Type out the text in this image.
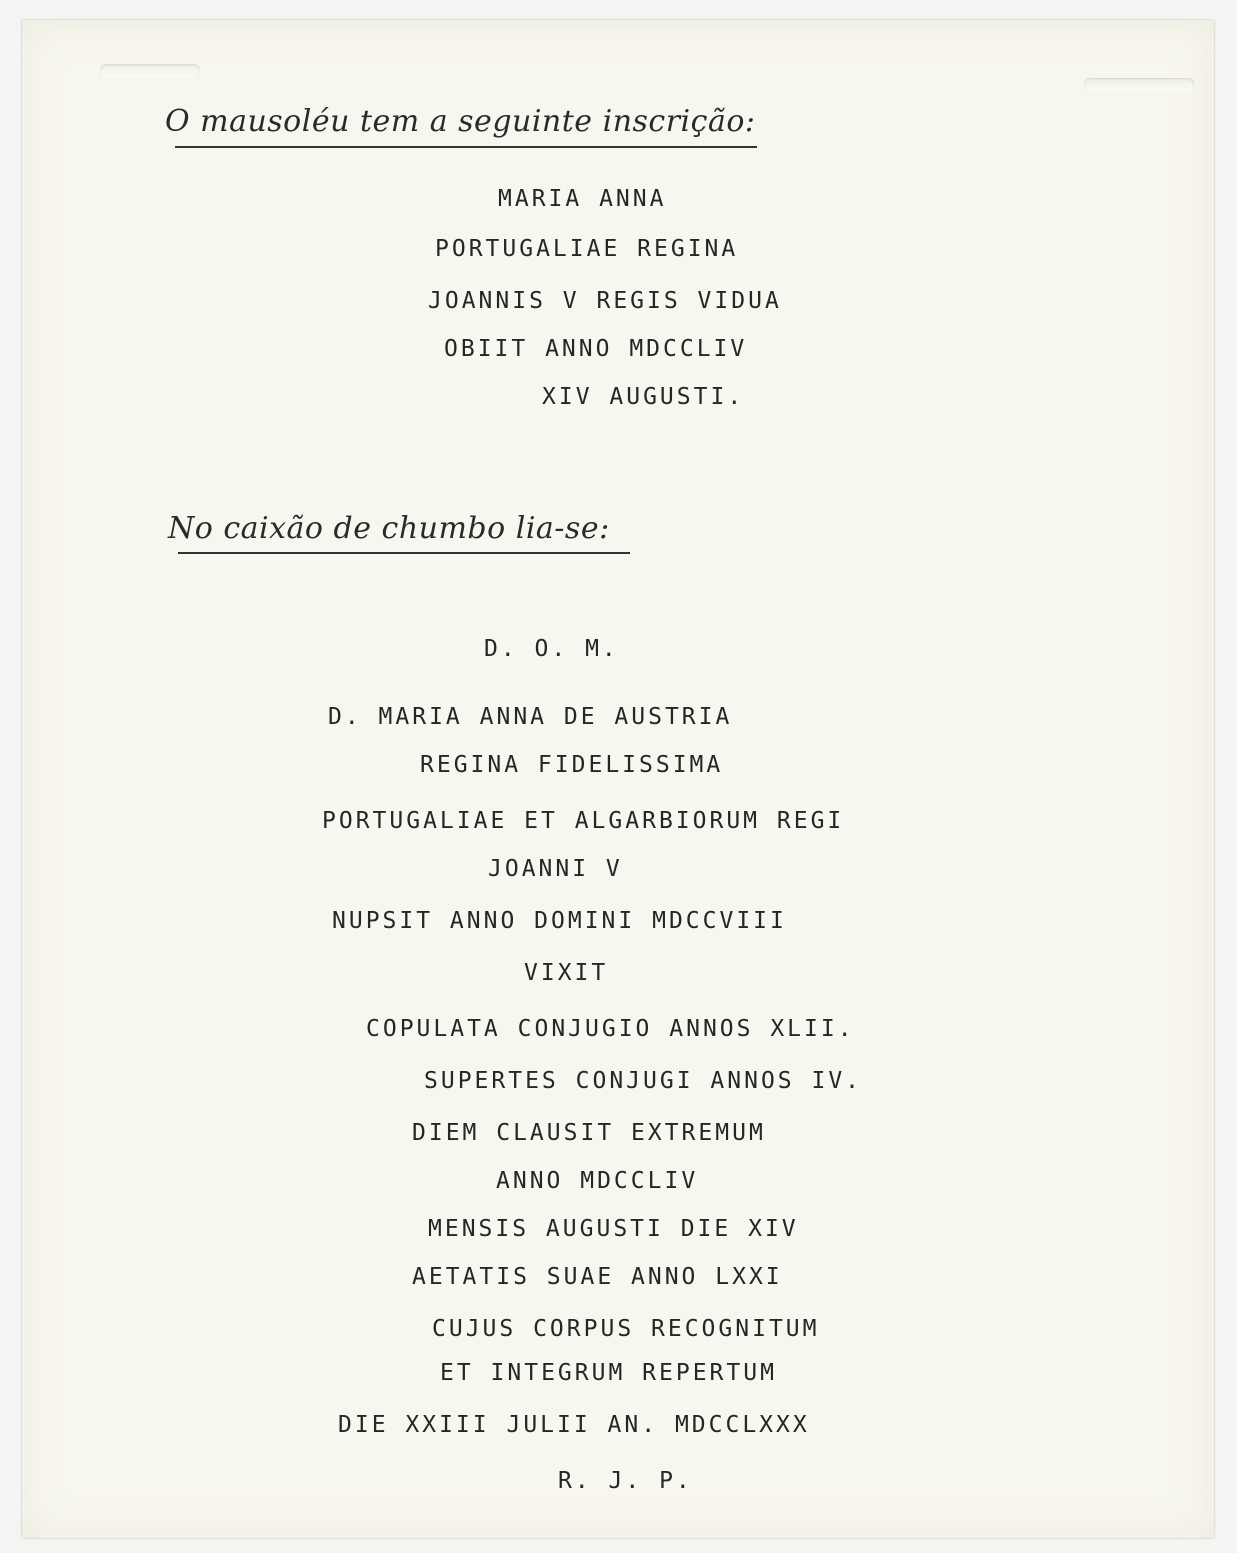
O mausoléu tem a seguinte inscrição:
MARIA ANNA
PORTUGALIAE REGINA
JOANNIS V REGIS VIDUA
OBIIT ANNO MDCCLIV
XIV AUGUSTI.
No caixão de chumbo lia-se:
D. O. M.
D. MARIA ANNA DE AUSTRIA
REGINA FIDELISSIMA
PORTUGALIAE ET ALGARBIORUM REGI
JOANNI V
NUPSIT ANNO DOMINI MDCCVIII
VIXIT
COPULATA CONJUGIO ANNOS XLII.
SUPERTES CONJUGI ANNOS IV.
DIEM CLAUSIT EXTREMUM
ANNO MDCCLIV
MENSIS AUGUSTI DIE XIV
AETATIS SUAE ANNO LXXI
CUJUS CORPUS RECOGNITUM
ET INTEGRUM REPERTUM
DIE XXIII JULII AN. MDCCLXXX
R. J. P.
